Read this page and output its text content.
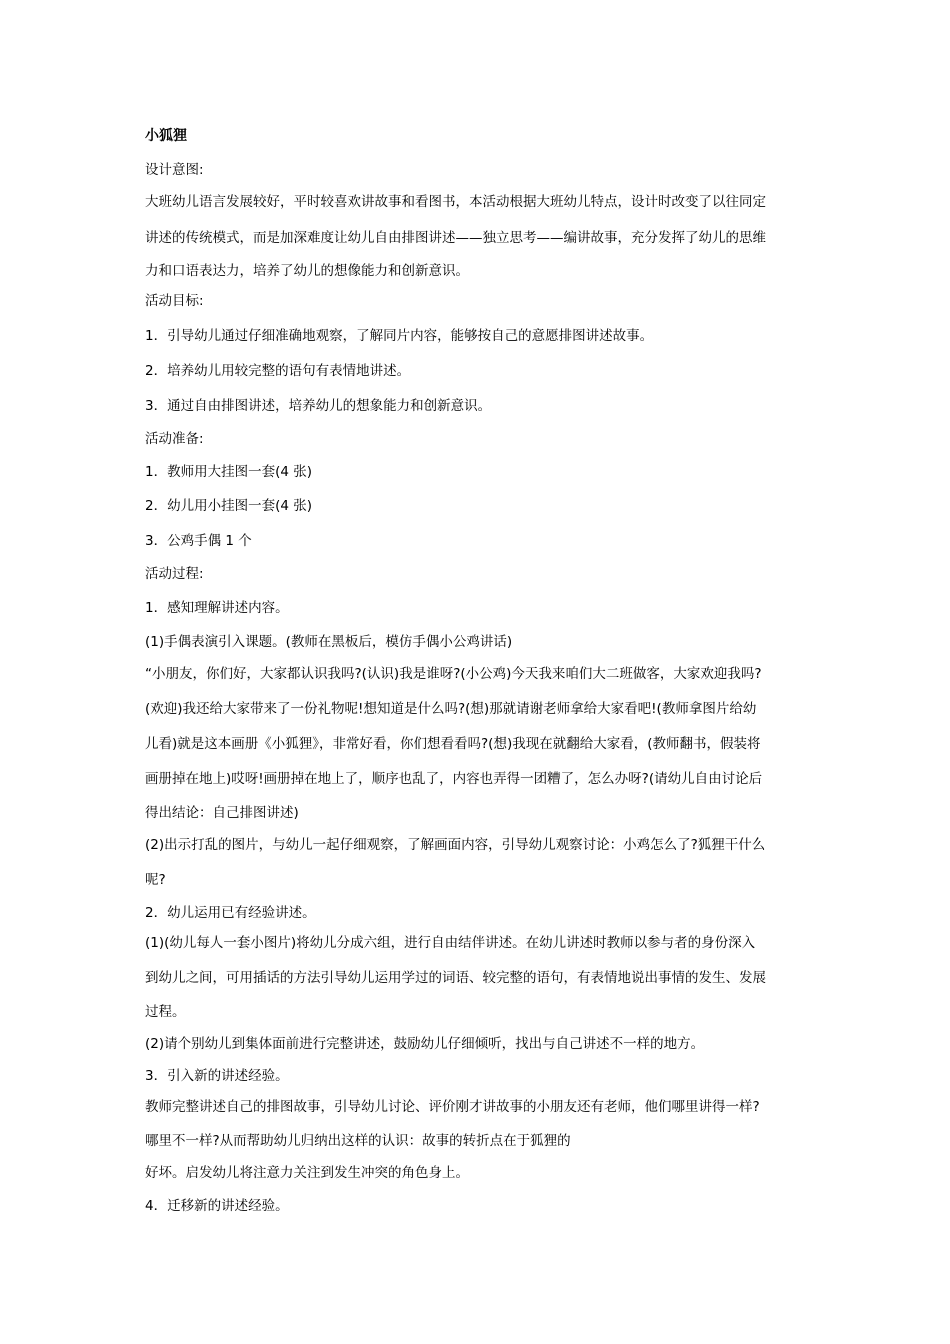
小狐狸
设计意图:
大班幼儿语言发展较好，平时较喜欢讲故事和看图书，本活动根据大班幼儿特点，设计时改变了以往同定
讲述的传统模式，而是加深难度让幼儿自由排图讲述——独立思考——编讲故事，充分发挥了幼儿的思维
力和口语表达力，培养了幼儿的想像能力和创新意识。
活动目标:
1．引导幼儿通过仔细准确地观察，了解同片内容，能够按自己的意愿排图讲述故事。
2．培养幼儿用较完整的语句有表情地讲述。
3．通过自由排图讲述，培养幼儿的想象能力和创新意识。
活动准备:
1．教师用大挂图一套(4 张)
2．幼儿用小挂图一套(4 张)
3．公鸡手偶 1 个
活动过程:
1．感知理解讲述内容。
(1)手偶表演引入课题。(教师在黑板后，模仿手偶小公鸡讲话)
“小朋友，你们好，大家都认识我吗?(认识)我是谁呀?(小公鸡)今天我来咱们大二班做客，大家欢迎我吗?
(欢迎)我还给大家带来了一份礼物呢!想知道是什么吗?(想)那就请谢老师拿给大家看吧!(教师拿图片给幼
儿看)就是这本画册《小狐狸》，非常好看，你们想看看吗?(想)我现在就翻给大家看，(教师翻书，假装将
画册掉在地上)哎呀!画册掉在地上了，顺序也乱了，内容也弄得一团糟了，怎么办呀?(请幼儿自由讨论后
得出结论：自己排图讲述)
(2)出示打乱的图片，与幼儿一起仔细观察，了解画面内容，引导幼儿观察讨论：小鸡怎么了?狐狸干什么
呢?
2．幼儿运用已有经验讲述。
(1)(幼儿每人一套小图片)将幼儿分成六组，进行自由结伴讲述。在幼儿讲述时教师以参与者的身份深入
到幼儿之间，可用插话的方法引导幼儿运用学过的词语、较完整的语句，有表情地说出事情的发生、发展
过程。
(2)请个别幼儿到集体面前进行完整讲述，鼓励幼儿仔细倾听，找出与自己讲述不一样的地方。
3．引入新的讲述经验。
教师完整讲述自己的排图故事，引导幼儿讨论、评价刚才讲故事的小朋友还有老师，他们哪里讲得一样?
哪里不一样?从而帮助幼儿归纳出这样的认识：故事的转折点在于狐狸的
好坏。启发幼儿将注意力关注到发生冲突的角色身上。
4．迁移新的讲述经验。
